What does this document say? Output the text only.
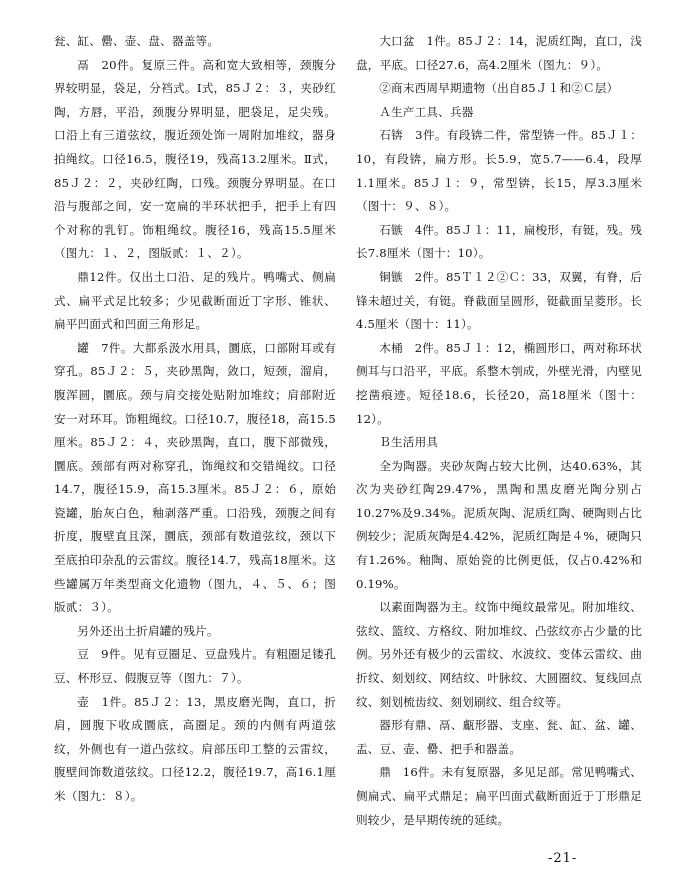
瓮、缸、罍、壶、盘、器盖等。

鬲　20件。复原三件。高和宽大致相等，颈腹分界较明显，袋足，分裆式。Ⅰ式，85Ｊ２：３，夹砂红陶，方唇，平沿，颈腹分界明显，肥袋足，足尖残。口沿上有三道弦纹，腹近颈处饰一周附加堆纹，器身拍绳纹。口径16.5，腹径19，残高13.2厘米。Ⅱ式，85Ｊ２：２，夹砂红陶，口残。颈腹分界明显。在口沿与腹部之间，安一宽扁的半环状把手，把手上有四个对称的乳钉。饰粗绳纹。腹径16，残高15.5厘米（图九：１、２，图版贰：１、２）。

鼎12件。仅出土口沿、足的残片。鸭嘴式、侧扁式、扁平式足比较多；少见截断面近丁字形、锥状、扁平凹面式和凹面三角形足。

罐　7件。大都系汲水用具，圜底，口部附耳或有穿孔。85Ｊ２：５，夹砂黑陶，敛口，短颈，溜肩，腹浑圆，圜底。颈与肩交接处贴附加堆纹；肩部附近安一对环耳。饰粗绳纹。口径10.7，腹径18，高15.5厘米。85Ｊ２：４，夹砂黑陶，直口，腹下部微残，圜底。颈部有两对称穿孔，饰绳纹和交错绳纹。口径14.7，腹径15.9，高15.3厘米。85Ｊ２：６，原始瓷罐，胎灰白色，釉剥落严重。口沿残，颈腹之间有折度，腹壁直且深，圜底，颈部有数道弦纹，颈以下至底拍印杂乱的云雷纹。腹径14.7，残高18厘米。这些罐属万年类型商文化遗物（图九，４、５、６；图版贰：３）。

另外还出土折肩罐的残片。

豆　9件。见有豆圈足、豆盘残片。有粗圈足镂孔豆、杯形豆、假腹豆等（图九：７）。

壶　1件。85Ｊ２：13，黑皮磨光陶，直口，折肩，圆腹下收成圜底，高圈足。颈的内侧有两道弦纹，外侧也有一道凸弦纹。肩部压印工整的云雷纹，腹壁间饰数道弦纹。口径12.2，腹径19.7，高16.1厘米（图九：８）。

大口盆　1件。85Ｊ２：14，泥质红陶，直口，浅盘，平底。口径27.6，高4.2厘米（图九：９）。

②商末西周早期遗物（出自85Ｊ１和②Ｃ层）

Ａ生产工具、兵器

石锛　3件。有段锛二件，常型锛一件。85Ｊ１：10，有段锛，扁方形。长5.9，宽5.7——6.4，段厚1.1厘米。85Ｊ１：９，常型锛，长15，厚3.3厘米（图十：９、８）。

石镞　4件。85Ｊ１：11，扁梭形，有铤，残。残长7.8厘米（图十：10）。

铜镞　2件。85Ｔ１２②Ｃ：33，双翼，有脊，后锋未超过关，有铤。脊截面呈圆形，铤截面呈菱形。长4.5厘米（图十：11）。

木桶　2件。85Ｊ１：12，椭圆形口，两对称环状侧耳与口沿平，平底。系整木刳成，外壁光滑，内壁见挖凿痕迹。短径18.6，长径20，高18厘米（图十：12）。

Ｂ生活用具

全为陶器。夹砂灰陶占较大比例，达40.63%，其次为夹砂红陶29.47%，黑陶和黑皮磨光陶分别占10.27%及9.34%。泥质灰陶、泥质红陶、硬陶则占比例较少；泥质灰陶是4.42%，泥质红陶是４%，硬陶只有1.26%。釉陶、原始瓷的比例更低，仅占0.42%和0.19%。

以素面陶器为主。纹饰中绳纹最常见。附加堆纹、弦纹、篮纹、方格纹、附加堆纹、凸弦纹亦占少量的比例。另外还有极少的云雷纹、水波纹、变体云雷纹、曲折纹、刻划纹、网结纹、叶脉纹、大圆圈纹、复线回点纹、刻划梳齿纹、刻划刷纹、组合纹等。

器形有鼎、鬲、甗形器、支座、瓮、缸、盆、罐、盂、豆、壶、罍、把手和器盖。

鼎　16件。未有复原器，多见足部。常见鸭嘴式、侧扁式、扁平式鼎足；扁平凹面式截断面近于丁形鼎足则较少，是早期传统的延续。

-21-
